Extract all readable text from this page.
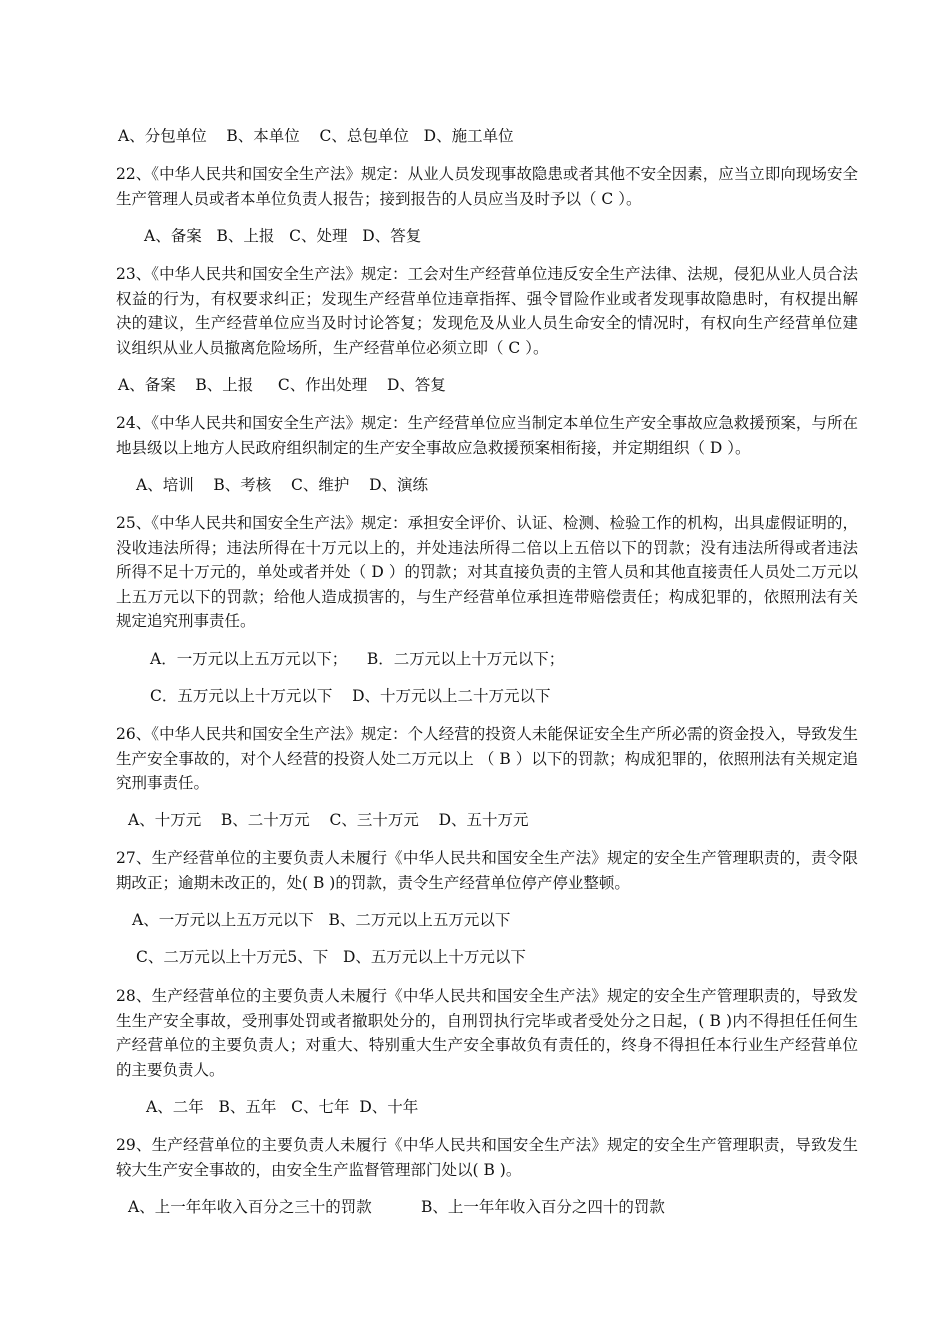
A、分包单位    B、本单位    C、总包单位   D、施工单位

22、《中华人民共和国安全生产法》规定：从业人员发现事故隐患或者其他不安全因素，应当立即向现场安全生产管理人员或者本单位负责人报告；接到报告的人员应当及时予以（ C ）。

A、备案   B、上报   C、处理   D、答复

23、《中华人民共和国安全生产法》规定：工会对生产经营单位违反安全生产法律、法规，侵犯从业人员合法权益的行为，有权要求纠正；发现生产经营单位违章指挥、强令冒险作业或者发现事故隐患时，有权提出解决的建议，生产经营单位应当及时讨论答复；发现危及从业人员生命安全的情况时，有权向生产经营单位建议组织从业人员撤离危险场所，生产经营单位必须立即（ C ）。

A、备案    B、上报     C、作出处理    D、答复

24、《中华人民共和国安全生产法》规定：生产经营单位应当制定本单位生产安全事故应急救援预案，与所在地县级以上地方人民政府组织制定的生产安全事故应急救援预案相衔接，并定期组织（ D ）。

A、培训    B、考核    C、维护    D、演练

25、《中华人民共和国安全生产法》规定：承担安全评价、认证、检测、检验工作的机构，出具虚假证明的，没收违法所得；违法所得在十万元以上的，并处违法所得二倍以上五倍以下的罚款；没有违法所得或者违法所得不足十万元的，单处或者并处（ D ）的罚款；对其直接负责的主管人员和其他直接责任人员处二万元以上五万元以下的罚款；给他人造成损害的，与生产经营单位承担连带赔偿责任；构成犯罪的，依照刑法有关规定追究刑事责任。

A．一万元以上五万元以下；    B．二万元以上十万元以下；

C．五万元以上十万元以下    D、十万元以上二十万元以下

26、《中华人民共和国安全生产法》规定：个人经营的投资人未能保证安全生产所必需的资金投入，导致发生生产安全事故的，对个人经营的投资人处二万元以上 （ B ）以下的罚款；构成犯罪的，依照刑法有关规定追究刑事责任。

A、十万元    B、二十万元    C、三十万元    D、五十万元

27、生产经营单位的主要负责人未履行《中华人民共和国安全生产法》规定的安全生产管理职责的，责令限期改正；逾期未改正的，处( B )的罚款，责令生产经营单位停产停业整顿。

A、一万元以上五万元以下   B、二万元以上五万元以下

C、二万元以上十万元5、下   D、五万元以上十万元以下

28、生产经营单位的主要负责人未履行《中华人民共和国安全生产法》规定的安全生产管理职责的，导致发生生产安全事故，受刑事处罚或者撤职处分的，自刑罚执行完毕或者受处分之日起，( B )内不得担任任何生产经营单位的主要负责人；对重大、特别重大生产安全事故负有责任的，终身不得担任本行业生产经营单位的主要负责人。

A、二年   B、五年   C、七年  D、十年

29、生产经营单位的主要负责人未履行《中华人民共和国安全生产法》规定的安全生产管理职责，导致发生较大生产安全事故的，由安全生产监督管理部门处以( B )。

A、上一年年收入百分之三十的罚款          B、上一年年收入百分之四十的罚款
